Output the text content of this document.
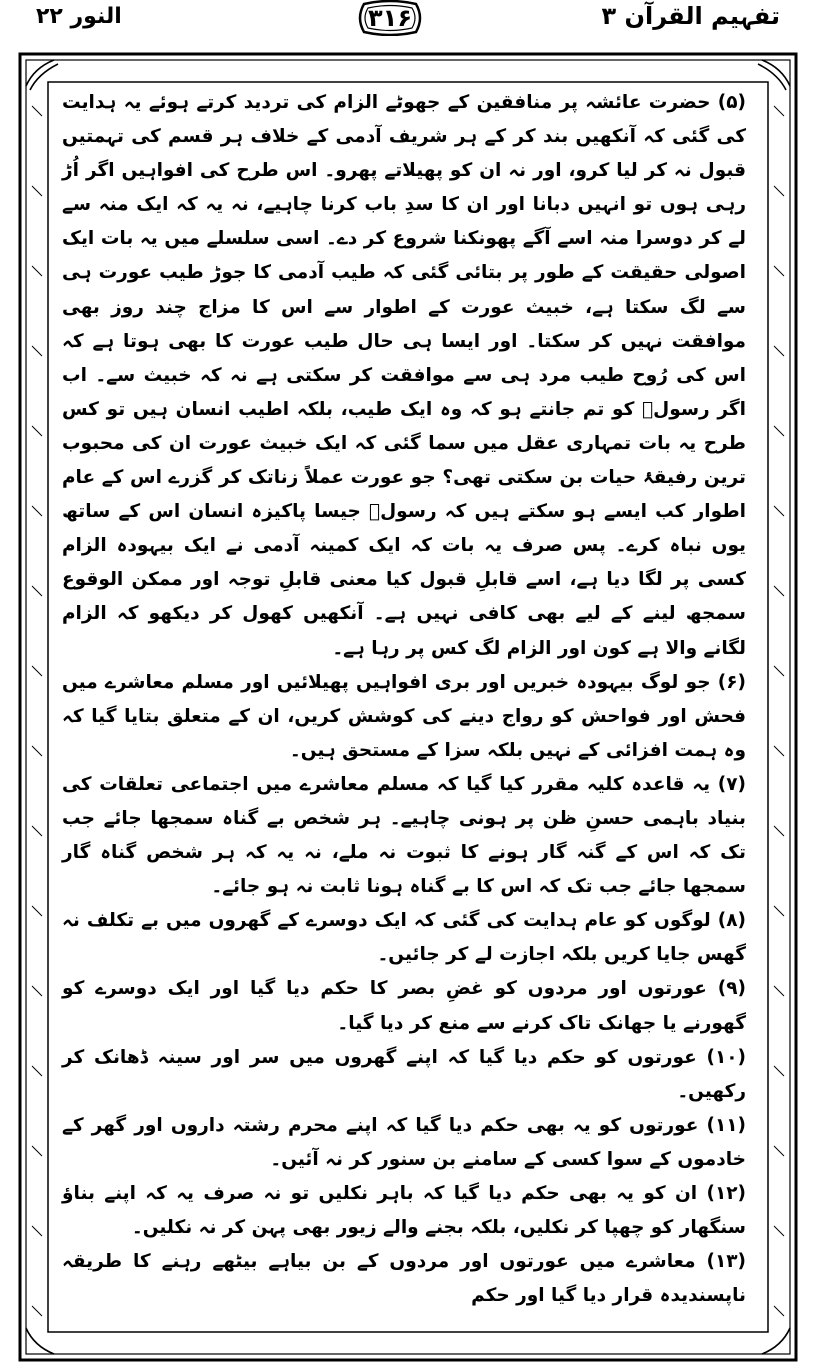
النور ۲۲	۳۱۶	تفہیم القرآن ۳

(۵) حضرت عائشہ پر منافقین کے جھوٹے الزام کی تردید کرتے ہوئے یہ ہدایت کی گئی کہ آنکھیں بند کر کے ہر شریف آدمی کے خلاف ہر قسم کی تہمتیں قبول نہ کر لیا کرو، اور نہ ان کو پھیلاتے پھرو۔ اس طرح کی افواہیں اگر اُڑ رہی ہوں تو انہیں دبانا اور ان کا سدِ باب کرنا چاہیے، نہ یہ کہ ایک منہ سے لے کر دوسرا منہ اسے آگے پھونکنا شروع کر دے۔ اسی سلسلے میں یہ بات ایک اصولی حقیقت کے طور پر بتائی گئی کہ طیب آدمی کا جوڑ طیب عورت ہی سے لگ سکتا ہے، خبیث عورت کے اطوار سے اس کا مزاج چند روز بھی موافقت نہیں کر سکتا۔ اور ایسا ہی حال طیب عورت کا بھی ہوتا ہے کہ اس کی رُوح طیب مرد ہی سے موافقت کر سکتی ہے نہ کہ خبیث سے۔ اب اگر رسولؐ کو تم جانتے ہو کہ وہ ایک طیب، بلکہ اطیب انسان ہیں تو کس طرح یہ بات تمہاری عقل میں سما گئی کہ ایک خبیث عورت ان کی محبوب ترین رفیقۂ حیات بن سکتی تھی؟ جو عورت عملاً زناتک کر گزرے اس کے عام اطوار کب ایسے ہو سکتے ہیں کہ رسولؐ جیسا پاکیزہ انسان اس کے ساتھ یوں نباہ کرے۔ پس صرف یہ بات کہ ایک کمینہ آدمی نے ایک بیہودہ الزام کسی پر لگا دیا ہے، اسے قابلِ قبول کیا معنی قابلِ توجہ اور ممکن الوقوع سمجھ لینے کے لیے بھی کافی نہیں ہے۔ آنکھیں کھول کر دیکھو کہ الزام لگانے والا ہے کون اور الزام لگ کس پر رہا ہے۔

(۶) جو لوگ بیہودہ خبریں اور بری افواہیں پھیلائیں اور مسلم معاشرے میں فحش اور فواحش کو رواج دینے کی کوشش کریں، ان کے متعلق بتایا گیا کہ وہ ہمت افزائی کے نہیں بلکہ سزا کے مستحق ہیں۔

(۷) یہ قاعدہ کلیہ مقرر کیا گیا کہ مسلم معاشرے میں اجتماعی تعلقات کی بنیاد باہمی حسنِ ظن پر ہونی چاہیے۔ ہر شخص بے گناہ سمجھا جائے جب تک کہ اس کے گنہ گار ہونے کا ثبوت نہ ملے، نہ یہ کہ ہر شخص گناہ گار سمجھا جائے جب تک کہ اس کا بے گناہ ہونا ثابت نہ ہو جائے۔

(۸) لوگوں کو عام ہدایت کی گئی کہ ایک دوسرے کے گھروں میں بے تکلف نہ گھس جایا کریں بلکہ اجازت لے کر جائیں۔

(۹) عورتوں اور مردوں کو غضِ بصر کا حکم دیا گیا اور ایک دوسرے کو گھورنے یا جھانک تاک کرنے سے منع کر دیا گیا۔

(۱۰) عورتوں کو حکم دیا گیا کہ اپنے گھروں میں سر اور سینہ ڈھانک کر رکھیں۔

(۱۱) عورتوں کو یہ بھی حکم دیا گیا کہ اپنے محرم رشتہ داروں اور گھر کے خادموں کے سوا کسی کے سامنے بن سنور کر نہ آئیں۔

(۱۲) ان کو یہ بھی حکم دیا گیا کہ باہر نکلیں تو نہ صرف یہ کہ اپنے بناؤ سنگھار کو چھپا کر نکلیں، بلکہ بجنے والے زیور بھی پہن کر نہ نکلیں۔

(۱۳) معاشرے میں عورتوں اور مردوں کے بن بیاہے بیٹھے رہنے کا طریقہ ناپسندیدہ قرار دیا گیا اور حکم
